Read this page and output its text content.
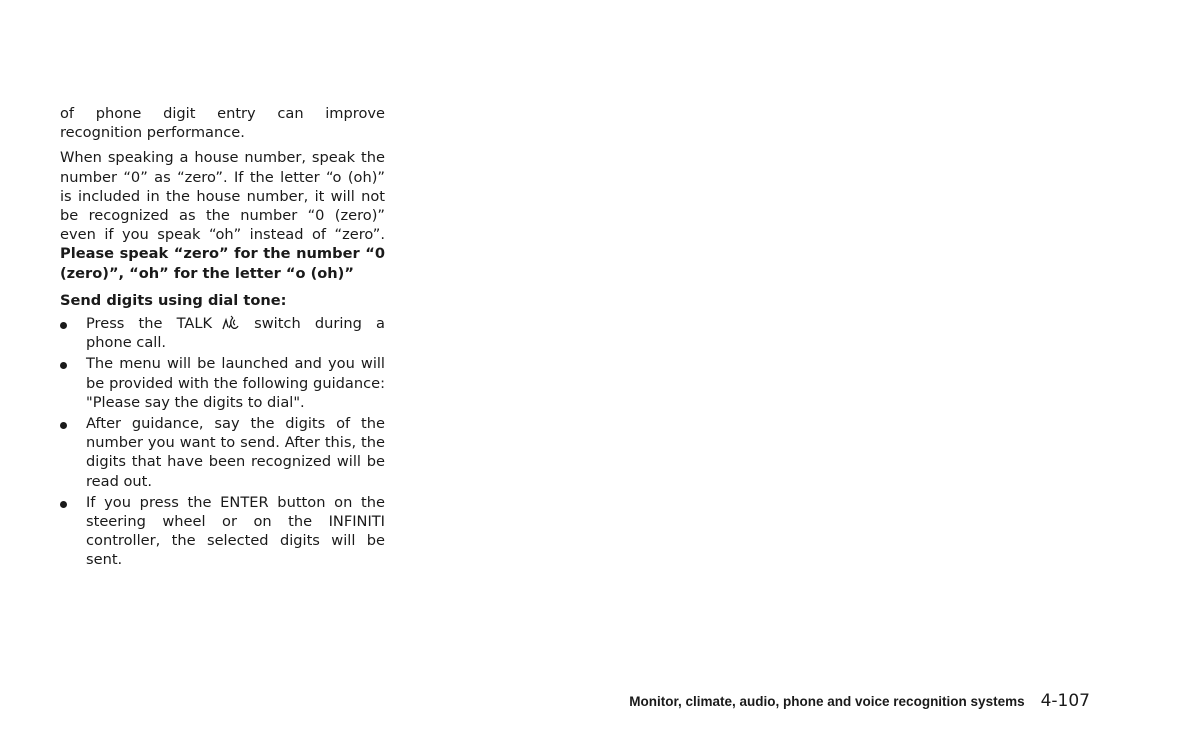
of phone digit entry can improve recognition performance.

When speaking a house number, speak the number “0” as “zero”. If the letter “o (oh)” is included in the house number, it will not be recognized as the number “0 (zero)” even if you speak “oh” instead of “zero”. Please speak “zero” for the number “0 (zero)”, “oh” for the letter “o (oh)”

Send digits using dial tone:
Press the TALK	switch during a phone call.
The menu will be launched and you will be provided with the following guidance: "Please say the digits to dial".
After guidance, say the digits of the number you want to send. After this, the digits that have been recognized will be read out.
If you press the ENTER button on the steering wheel or on the INFINITI controller, the selected digits will be sent.
Monitor, climate, audio, phone and voice recognition systems 4-107
